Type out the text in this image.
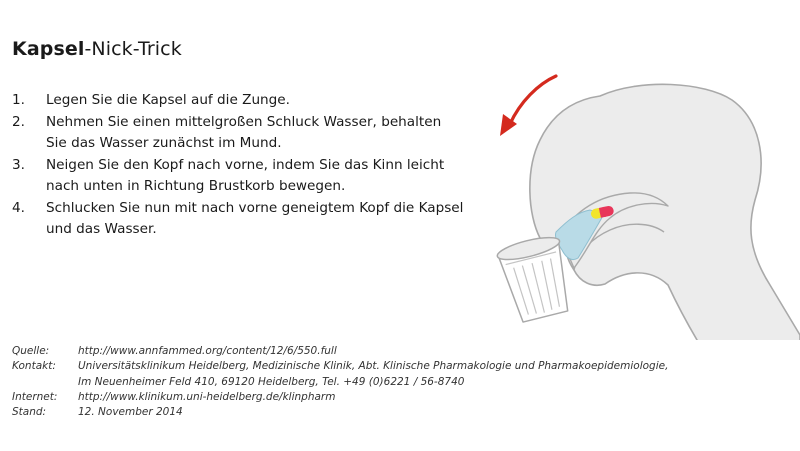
Kapsel-Nick-Trick
1. Legen Sie die Kapsel auf die Zunge.
2. Nehmen Sie einen mittelgroßen Schluck Wasser, behalten
Sie das Wasser zunächst im Mund.
3. Neigen Sie den Kopf nach vorne, indem Sie das Kinn leicht
nach unten in Richtung Brustkorb bewegen.
4. Schlucken Sie nun mit nach vorne geneigtem Kopf die Kapsel
und das Wasser.
Quelle:	http://www.annfammed.org/content/12/6/550.full
Kontakt:	Universitätsklinikum Heidelberg, Medizinische Klinik, Abt. Klinische Pharmakologie und Pharmakoepidemiologie,
Im Neuenheimer Feld 410, 69120 Heidelberg, Tel. +49 (0)6221 / 56-8740
Internet:	http://www.klinikum.uni-heidelberg.de/klinpharm
Stand:	12. November 2014
